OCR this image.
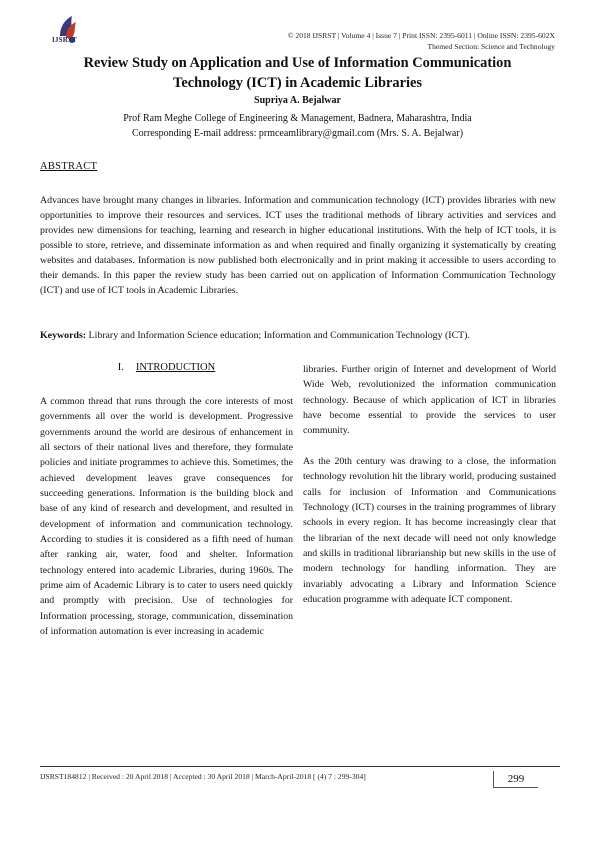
IJSRST	© 2018 IJSRST | Volume 4 | Issue 7 | Print ISSN: 2395-6011 | Online ISSN: 2395-602X
Themed Section: Science and Technology
Review Study on Application and Use of Information Communication
Technology (ICT) in Academic Libraries
Supriya A. Bejalwar
Prof Ram Meghe College of Engineering & Management, Badnera, Maharashtra, India
Corresponding E-mail address: prmceamlibrary@gmail.com (Mrs. S. A. Bejalwar)
ABSTRACT
Advances have brought many changes in libraries. Information and communication technology (ICT) provides libraries with new opportunities to improve their resources and services. ICT uses the traditional methods of library activities and services and provides new dimensions for teaching, learning and research in higher educational institutions. With the help of ICT tools, it is possible to store, retrieve, and disseminate information as and when required and finally organizing it systematically by creating websites and databases. Information is now published both electronically and in print making it accessible to users according to their demands. In this paper the review study has been carried out on application of Information Communication Technology (ICT) and use of ICT tools in Academic Libraries.
Keywords: Library and Information Science education; Information and Communication Technology (ICT).
I. INTRODUCTION

A common thread that runs through the core interests of most governments all over the world is development. Progressive governments around the world are desirous of enhancement in all sectors of their national lives and therefore, they formulate policies and initiate programmes to achieve this. Sometimes, the achieved development leaves grave consequences for succeeding generations. Information is the building block and base of any kind of research and development, and resulted in development of information and communication technology. According to studies it is considered as a fifth need of human after ranking air, water, food and shelter. Information technology entered into academic Libraries, during 1960s. The prime aim of Academic Library is to cater to users need quickly and promptly with precision. Use of technologies for Information processing, storage, communication, dissemination of information automation is ever increasing in academic

libraries. Further origin of Internet and development of World Wide Web, revolutionized the information communication technology. Because of which application of ICT in libraries have become essential to provide the services to user community.

As the 20th century was drawing to a close, the information technology revolution hit the library world, producing sustained calls for inclusion of Information and Communications Technology (ICT) courses in the training programmes of library schools in every region. It has become increasingly clear that the librarian of the next decade will need not only knowledge and skills in traditional librarianship but new skills in the use of modern technology for handling information. They are invariably advocating a Library and Information Science education programme with adequate ICT component.

IJSRST184812 | Received : 20 April 2018 | Accepted : 30 April 2018 | March-April-2018 [ (4) 7 : 299-304]	299
